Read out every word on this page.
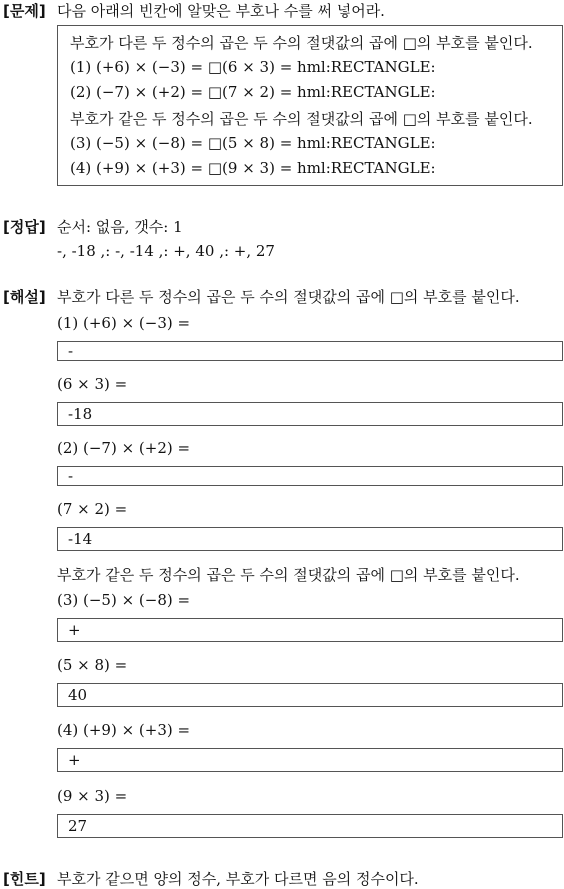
[문제] 다음 아래의 빈칸에 알맞은 부호나 수를 써 넣어라.
부호가 다른 두 정수의 곱은 두 수의 절댓값의 곱에 □의 부호를 붙인다.
(1) (+6) × (−3) = □(6 × 3) = hml:RECTANGLE:
(2) (−7) × (+2) = □(7 × 2) = hml:RECTANGLE:
부호가 같은 두 정수의 곱은 두 수의 절댓값의 곱에 □의 부호를 붙인다.
(3) (−5) × (−8) = □(5 × 8) = hml:RECTANGLE:
(4) (+9) × (+3) = □(9 × 3) = hml:RECTANGLE:
[정답] 순서: 없음, 갯수: 1
-, -18 ,: -, -14 ,: +, 40 ,: +, 27
[해설] 부호가 다른 두 정수의 곱은 두 수의 절댓값의 곱에 □의 부호를 붙인다.
(1) (+6) × (−3) =
-
(6 × 3) =
-18
(2) (−7) × (+2) =
-
(7 × 2) =
-14
부호가 같은 두 정수의 곱은 두 수의 절댓값의 곱에 □의 부호를 붙인다.
(3) (−5) × (−8) =
+
(5 × 8) =
40
(4) (+9) × (+3) =
+
(9 × 3) =
27
[힌트] 부호가 같으면 양의 정수, 부호가 다르면 음의 정수이다.
